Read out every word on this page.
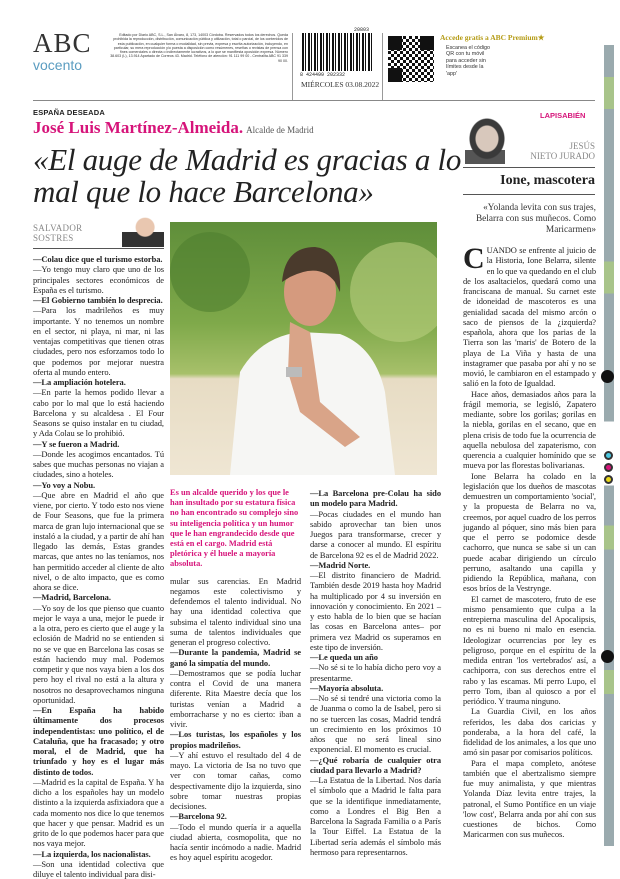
ABC
vocento
Editado por Diario ABC, S.L., San Álvaro, 8, 173, 14003 Córdoba. Reservados todos los derechos. Queda prohibida la reproducción, distribución, comunicación pública y utilización, total o parcial, de los contenidos de esta publicación, en cualquier forma o modalidad, sin previa, expresa y escrita autorización, incluyendo, en particular, su mera reproducción y/o puesta a disposición como resúmenes, reseñas o revistas de prensa con fines comerciales o directa o indirectamente lucrativos, a lo que se manifiesta oposición expresa. Número 38.603 (L), 13.914 Apartado de Correos 43. Madrid. Teléfono de atención: 91 111 99 00 - Centralita ABC 91 339 90 00.
20803
8 424499 202332
MIÉRCOLES 03.08.2022
Accede gratis a ABC Premium★
Escanea el código QR con tu móvil para acceder sin límites desde la 'app'
ESPAÑA DESEADA
José Luis Martínez-Almeida. Alcalde de Madrid
«El auge de Madrid es gracias a lo mal que lo hace Barcelona»
SALVADOR
SOSTRES

—Colau dice que el turismo estorba.

—Yo tengo muy claro que uno de los principales sectores económicos de España es el turismo.

—El Gobierno también lo desprecia.

—Para los madrileños es muy importante. Y no tenemos un nombre en el sector, ni playa, ni mar, ni las ventajas competitivas que tienen otras ciudades, pero nos esforzamos todo lo que podemos por mejorar nuestra oferta al mundo entero.

—La ampliación hotelera.

—En parte la hemos podido llevar a cabo por lo mal que lo está haciendo Barcelona y su alcaldesa . El Four Seasons se quiso instalar en tu ciudad, y Ada Colau se lo prohibió.

—Y se fueron a Madrid.

—Donde les acogimos encantados. Tú sabes que muchas personas no viajan a ciudades, sino a hoteles.

—Yo voy a Nobu.

—Que abre en Madrid el año que viene, por cierto. Y todo esto nos viene de Four Seasons, que fue la primera marca de gran lujo internacional que se instaló a la ciudad, y a partir de ahí han llegado las demás, Estas grandes marcas, que antes no las teníamos, nos han permitido acceder al cliente de alto nivel, o de alto impacto, que es como ahora se dice.

—Madrid, Barcelona.

—Yo soy de los que pienso que cuanto mejor le vaya a una, mejor le puede ir a la otra, pero es cierto que el auge y la eclosión de Madrid no se entienden si no se ve que en Barcelona las cosas se están haciendo muy mal. Podemos competir y que nos vaya bien a los dos pero hoy el rival no está a la altura y nosotros no desaprovechamos ninguna oportunidad.

—En España ha habido últimamente dos procesos independentistas: uno político, el de Cataluña, que ha fracasado; y otro moral, el de Madrid, que ha triunfado y hoy es el lugar más distinto de todos.

—Madrid es la capital de España. Y ha dicho a los españoles hay un modelo distinto a la izquierda asfixiadora que a cada momento nos dice lo que tenemos que hacer y que pensar. Madrid es un grito de lo que podemos hacer para que nos vaya mejor.

—La izquierda, los nacionalistas.

—Son una identidad colectiva que diluye el talento individual para disi-

Es un alcalde querido y los que le han insultado por su estatura física no han encontrado su complejo sino su inteligencia política y un humor que le han engrandecido desde que está en el cargo. Madrid está pletórica y él huele a mayoría absoluta.

mular sus carencias. En Madrid negamos este colectivismo y defendemos el talento individual. No hay una identidad colectiva que subsima el talento individual sino una suma de talentos individuales que generan el progreso colectivo.

—Durante la pandemia, Madrid se ganó la simpatía del mundo.

—Demostramos que se podía luchar contra el Covid de una manera diferente. Rita Maestre decía que los turistas venían a Madrid a emborracharse y no es cierto: iban a vivir.

—Los turistas, los españoles y los propios madrileños.

—Y ahí estuvo el resultado del 4 de mayo. La victoria de Isa no tuvo que ver con tomar cañas, como despectivamente dijo la izquierda, sino sobre tomar nuestras propias decisiones.

—Barcelona 92.

—Todo el mundo quería ir a aquella ciudad abierta, cosmopolita, que no hacía sentir incómodo a nadie. Madrid es hoy aquel espíritu acogedor.

—La Barcelona pre-Colau ha sido un modelo para Madrid.

—Pocas ciudades en el mundo han sabido aprovechar tan bien unos Juegos para transformarse, crecer y darse a conocer al mundo. El espíritu de Barcelona 92 es el de Madrid 2022.

—Madrid Norte.

—El distrito financiero de Madrid. También desde 2019 hasta hoy Madrid ha multiplicado por 4 su inversión en innovación y conocimiento. En 2021 –y esto habla de lo bien que se hacían las cosas en Barcelona antes– por primera vez Madrid os superamos en este tipo de inversión.

—Le queda un año

—No sé si te lo había dicho pero voy a presentarme.

—Mayoría absoluta.

—No sé si tendré una victoria como la de Juanma o como la de Isabel, pero si no se tuercen las cosas, Madrid tendrá un crecimiento en los próximos 10 años que no será lineal sino exponencial. El momento es crucial.

—¿Qué robaría de cualquier otra ciudad para llevarlo a Madrid?

—La Estatua de la Libertad. Nos daría el símbolo que a Madrid le falta para que se la identifique inmediatamente, como a Londres el Big Ben a Barcelona la Sagrada Familia o a París la Tour Eiffel. La Estatua de la Libertad sería además el símbolo más hermoso para representarnos.

LAPISABIÉN
JESÚS
NIETO JURADO
Ione, mascotera
«Yolanda levita con sus trajes, Belarra con sus muñecos. Como Maricarmen»

CUANDO se enfrente al juicio de la Historia, Ione Belarra, silente en lo que va quedando en el club de los asaltacielos, quedará como una franciscana de manual. Su carnet este de idoneidad de mascoteros es una genialidad sacada del mismo arcón o saco de piensos de la ¿izquierda? española, ahora que los parias de la Tierra son las 'maris' de Botero de la playa de La Viña y hasta de una instagramer que pasaba por ahí y no se movió, le cambiaron en el estampado y salió en la foto de Igualdad.

Hace años, demasiados años para la frágil memoria, se legisló, Zapatero mediante, sobre los gorilas; gorilas en la niebla, gorilas en el secano, que en plena crisis de todo fue la ocurrencia de aquella nebulosa del zapaterismo, con querencia a cualquier homínido que se mueva por las florestas bolivarianas.

Ione Belarra ha colado en la legislación que los dueños de mascotas demuestren un comportamiento 'social', y la propuesta de Belarra no va, creemos, por aquel cuadro de los perros jugando al póquer, sino más bien para que el perro se podomice desde cachorro, que nunca se sabe si un can puede acabar dirigiendo un círculo perruno, asaltando una capilla y pidiendo la República, mañana, con esos bríos de la Vestrynge.

El carnet de mascotero, fruto de ese mismo pensamiento que culpa a la entrepierna masculina del Apocalipsis, no es ni bueno ni malo en esencia. Ideologizar ocurrencias por ley es peligroso, porque en el espíritu de la medida entran 'los vertebrados' así, a cachiporra, con sus derechos entre el rabo y las escamas. Mi perro Lupo, el perro Tom, iban al quiosco a por el periódico. Y trauma ninguno.

La Guardia Civil, en los años referidos, les daba dos caricias y ponderaba, a la hora del café, la fidelidad de los animales, a los que uno amó sin pasar por comisarios políticos.

Para el mapa completo, anótese también que el abertzalismo siempre fue muy animalista, y que mientras Yolanda Díaz levita entre trajes, la patronal, el Sumo Pontífice en un viaje 'low cost', Belarra anda por ahí con sus cuestiones de bichos. Como Maricarmen con sus muñecos.
